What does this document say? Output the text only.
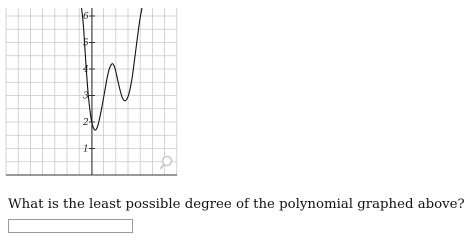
1
2
3
4
5
6
What is the least possible degree of the polynomial graphed above?
